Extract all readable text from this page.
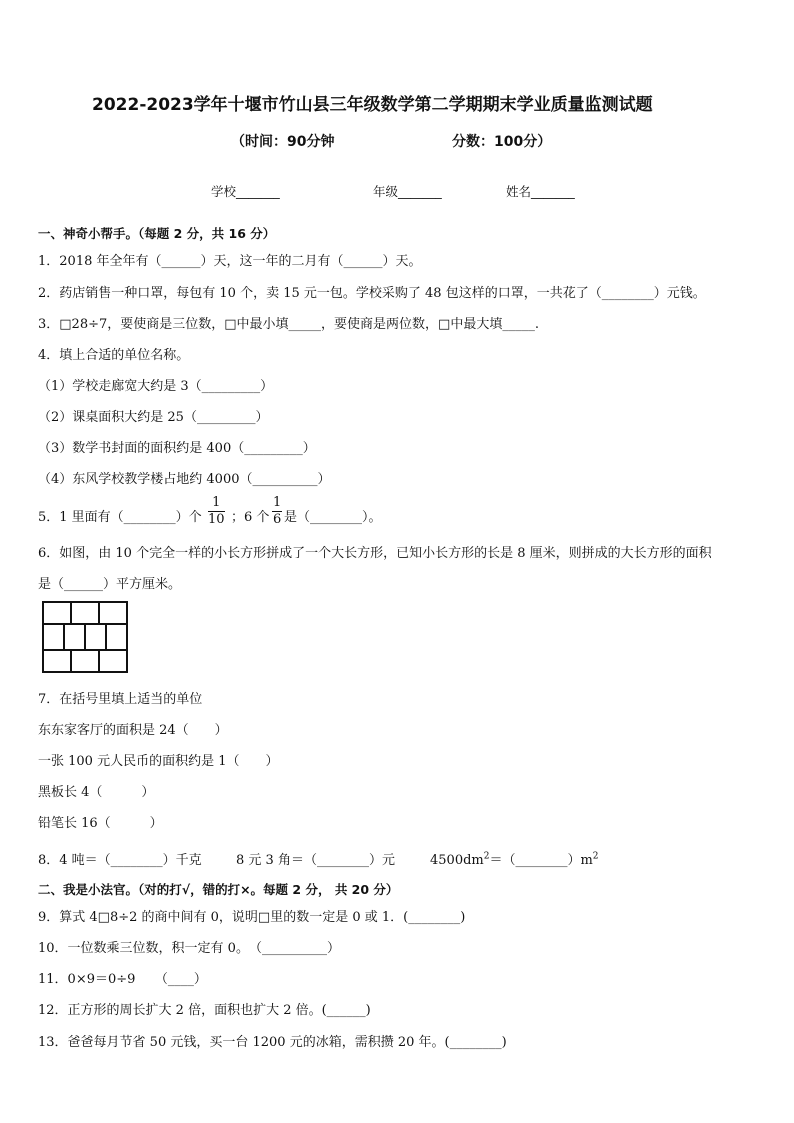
2022-2023学年十堰市竹山县三年级数学第二学期期末学业质量监测试题
（时间：90分钟	分数：100分）
学校_______	年级_______	姓名_______
一、神奇小帮手。（每题 2 分，共 16 分）
1．2018 年全年有（______）天，这一年的二月有（______）天。
2．药店销售一种口罩，每包有 10 个，卖 15 元一包。学校采购了 48 包这样的口罩，一共花了（________）元钱。
3．□28÷7，要使商是三位数，□中最小填_____，要使商是两位数，□中最大填_____.
4．填上合适的单位名称。
（1）学校走廊宽大约是 3（_________）
（2）课桌面积大约是 25（_________）
（3）数学书封面的面积约是 400（_________）
（4）东风学校教学楼占地约 4000（__________）
5．1 里面有（________）个 $\frac{1}{10}$ ；6 个 $\frac{1}{6}$ 是（________）。
6．如图，由 10 个完全一样的小长方形拼成了一个大长方形，已知小长方形的长是 8 厘米，则拼成的大长方形的面积
是（______）平方厘米。
7．在括号里填上适当的单位
东东家客厅的面积是 24（　　）
一张 100 元人民币的面积约是 1（　　）
黑板长 4（　　　）
铅笔长 16（　　　）
8．4 吨＝（________）千克	8 元 3 角＝（________）元	$4500dm^2=(\_\_\_\_\_\_\_\_)m^2$
二、我是小法官。（对的打√，错的打×。每题 2 分， 共 20 分）
9．算式 4□8÷2 的商中间有 0，说明□里的数一定是 0 或 1．(________)
10．一位数乘三位数，积一定有 0。　（__________）
11．0×9＝0÷9　　（____）
12．正方形的周长扩大 2 倍，面积也扩大 2 倍。(______)
13．爸爸每月节省 50 元钱，买一台 1200 元的冰箱，需积攒 20 年。(________)
